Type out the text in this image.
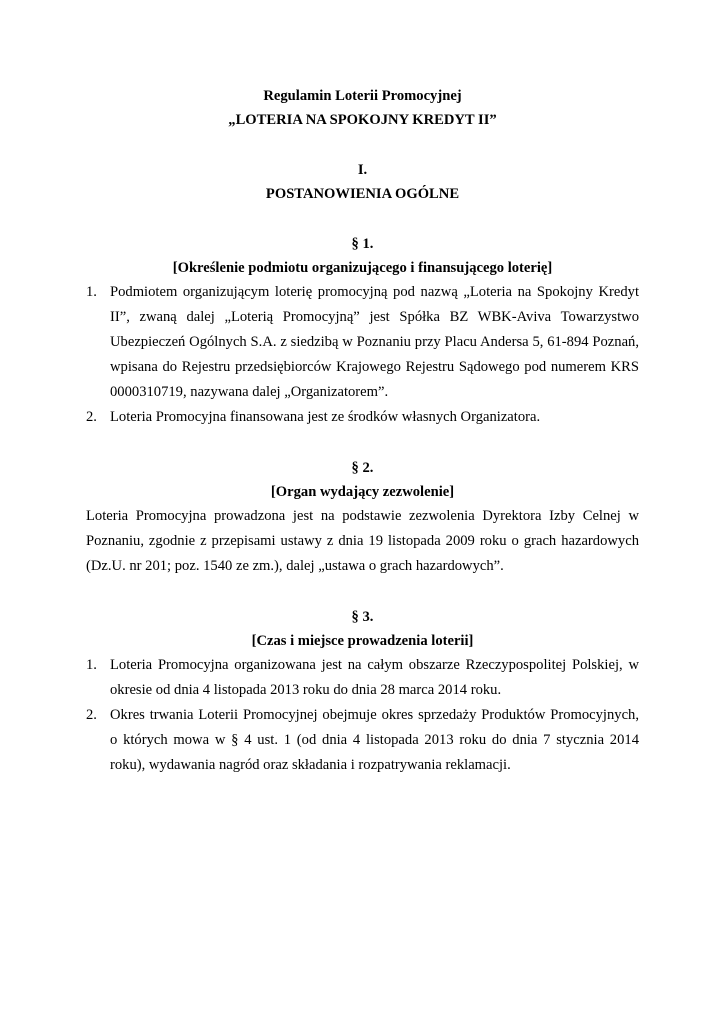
Regulamin Loterii Promocyjnej
„LOTERIA NA SPOKOJNY KREDYT II”
I.
POSTANOWIENIA OGÓLNE
§ 1.
[Określenie podmiotu organizującego i finansującego loterię]
1. Podmiotem organizującym loterię promocyjną pod nazwą „Loteria na Spokojny Kredyt II”, zwaną dalej „Loterią Promocyjną” jest Spółka BZ WBK-Aviva Towarzystwo Ubezpieczeń Ogólnych S.A. z siedzibą w Poznaniu przy Placu Andersa 5, 61-894 Poznań, wpisana do Rejestru przedsiębiorców Krajowego Rejestru Sądowego pod numerem KRS 0000310719, nazywana dalej „Organizatorem”.
2. Loteria Promocyjna finansowana jest ze środków własnych Organizatora.
§ 2.
[Organ wydający zezwolenie]
Loteria Promocyjna prowadzona jest na podstawie zezwolenia Dyrektora Izby Celnej w Poznaniu, zgodnie z przepisami ustawy z dnia 19 listopada 2009 roku o grach hazardowych (Dz.U. nr 201; poz. 1540 ze zm.), dalej „ustawa o grach hazardowych”.
§ 3.
[Czas i miejsce prowadzenia loterii]
1. Loteria Promocyjna organizowana jest na całym obszarze Rzeczypospolitej Polskiej, w okresie od dnia 4 listopada 2013 roku do dnia 28 marca 2014 roku.
2. Okres trwania Loterii Promocyjnej obejmuje okres sprzedaży Produktów Promocyjnych, o których mowa w § 4 ust. 1 (od dnia 4 listopada 2013 roku do dnia 7 stycznia 2014 roku), wydawania nagród oraz składania i rozpatrywania reklamacji.
